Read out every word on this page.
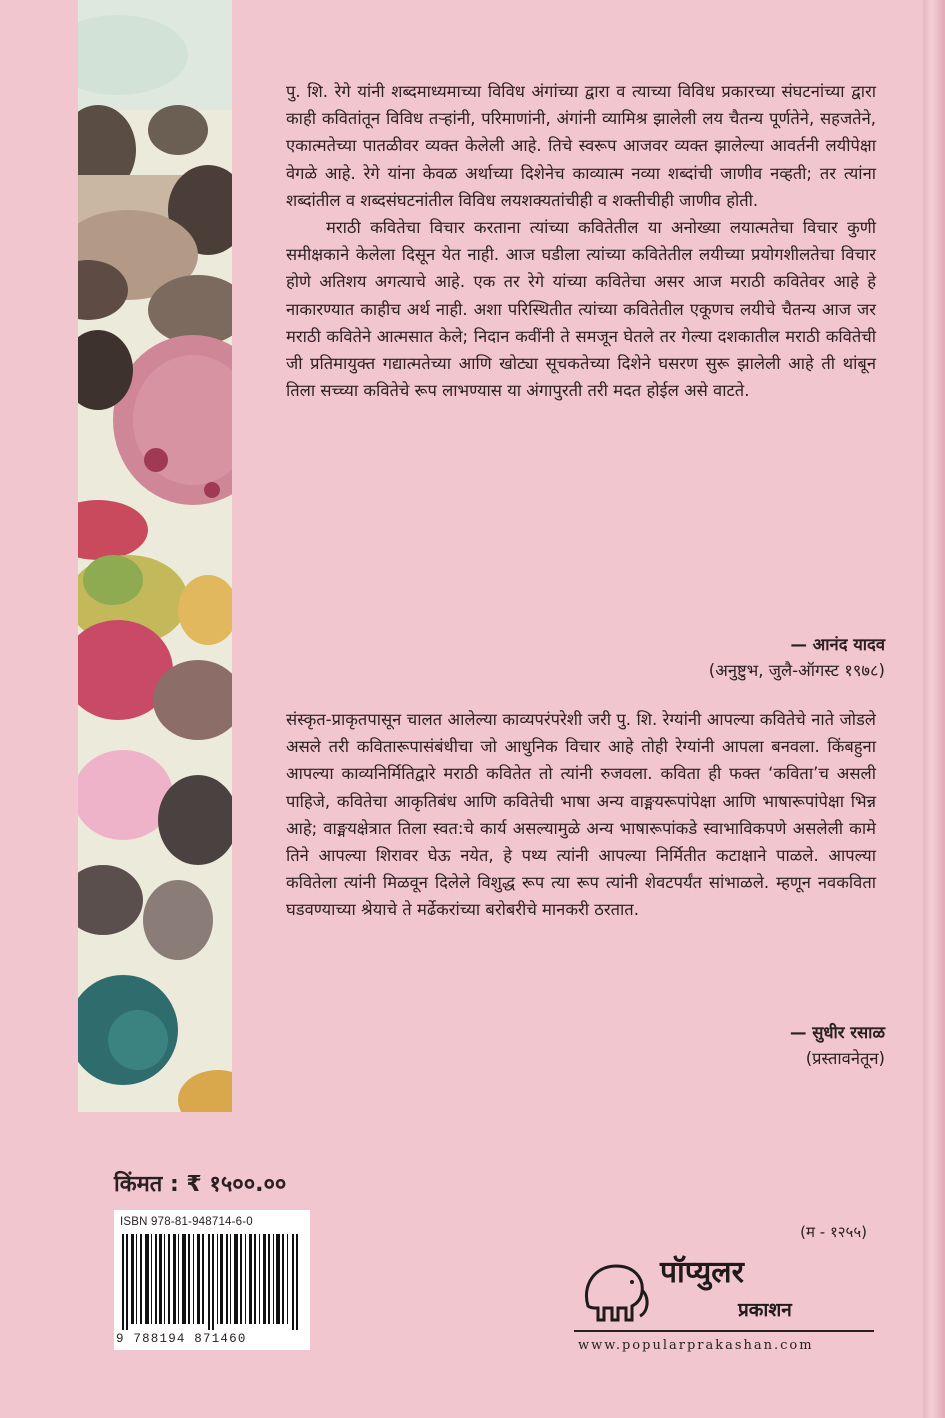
पु. शि. रेगे यांनी शब्दमाध्यमाच्या विविध अंगांच्या द्वारा व त्याच्या विविध प्रकारच्या संघटनांच्या द्वारा काही कवितांतून विविध तऱ्हांनी, परिमाणांनी, अंगांनी व्यामिश्र झालेली लय चैतन्य पूर्णतेने, सहजतेने, एकात्मतेच्या पातळीवर व्यक्त केलेली आहे. तिचे स्वरूप आजवर व्यक्त झालेल्या आवर्तनी लयीपेक्षा वेगळे आहे. रेगे यांना केवळ अर्थाच्या दिशेनेच काव्यात्म नव्या शब्दांची जाणीव नव्हती; तर त्यांना शब्दांतील व शब्दसंघटनांतील विविध लयशक्यतांचीही व शक्तीचीही जाणीव होती.

मराठी कवितेचा विचार करताना त्यांच्या कवितेतील या अनोख्या लयात्मतेचा विचार कुणी समीक्षकाने केलेला दिसून येत नाही. आज घडीला त्यांच्या कवितेतील लयीच्या प्रयोगशीलतेचा विचार होणे अतिशय अगत्याचे आहे. एक तर रेगे यांच्या कवितेचा असर आज मराठी कवितेवर आहे हे नाकारण्यात काहीच अर्थ नाही. अशा परिस्थितीत त्यांच्या कवितेतील एकूणच लयीचे चैतन्य आज जर मराठी कवितेने आत्मसात केले; निदान कवींनी ते समजून घेतले तर गेल्या दशकातील मराठी कवितेची जी प्रतिमायुक्त गद्यात्मतेच्या आणि खोट्या सूचकतेच्या दिशेने घसरण सुरू झालेली आहे ती थांबून तिला सच्च्या कवितेचे रूप लाभण्यास या अंगापुरती तरी मदत होईल असे वाटते.

— आनंद यादव
(अनुष्टुभ, जुलै-ऑगस्ट १९७८)

संस्कृत-प्राकृतपासून चालत आलेल्या काव्यपरंपरेशी जरी पु. शि. रेग्यांनी आपल्या कवितेचे नाते जोडले असले तरी कवितारूपासंबंधीचा जो आधुनिक विचार आहे तोही रेग्यांनी आपला बनवला. किंबहुना आपल्या काव्यनिर्मितिद्वारे मराठी कवितेत तो त्यांनी रुजवला. कविता ही फक्त ‘कविता’च असली पाहिजे, कवितेचा आकृतिबंध आणि कवितेची भाषा अन्य वाङ्मयरूपांपेक्षा आणि भाषारूपांपेक्षा भिन्न आहे; वाङ्मयक्षेत्रात तिला स्वत:चे कार्य असल्यामुळे अन्य भाषारूपांकडे स्वाभाविकपणे असलेली कामे तिने आपल्या शिरावर घेऊ नयेत, हे पथ्य त्यांनी आपल्या निर्मितीत कटाक्षाने पाळले. आपल्या कवितेला त्यांनी मिळवून दिलेले विशुद्ध रूप त्या रूप त्यांनी शेवटपर्यंत सांभाळले. म्हणून नवकविता घडवण्याच्या श्रेयाचे ते मर्ढेकरांच्या बरोबरीचे मानकरी ठरतात.

— सुधीर रसाळ
(प्रस्तावनेतून)
किंमत : ₹ १५००.००
ISBN 978-81-948714-6-0
9 788194 871460
(म - १२५५)
पॉप्युलर
प्रकाशन
www.popularprakashan.com
